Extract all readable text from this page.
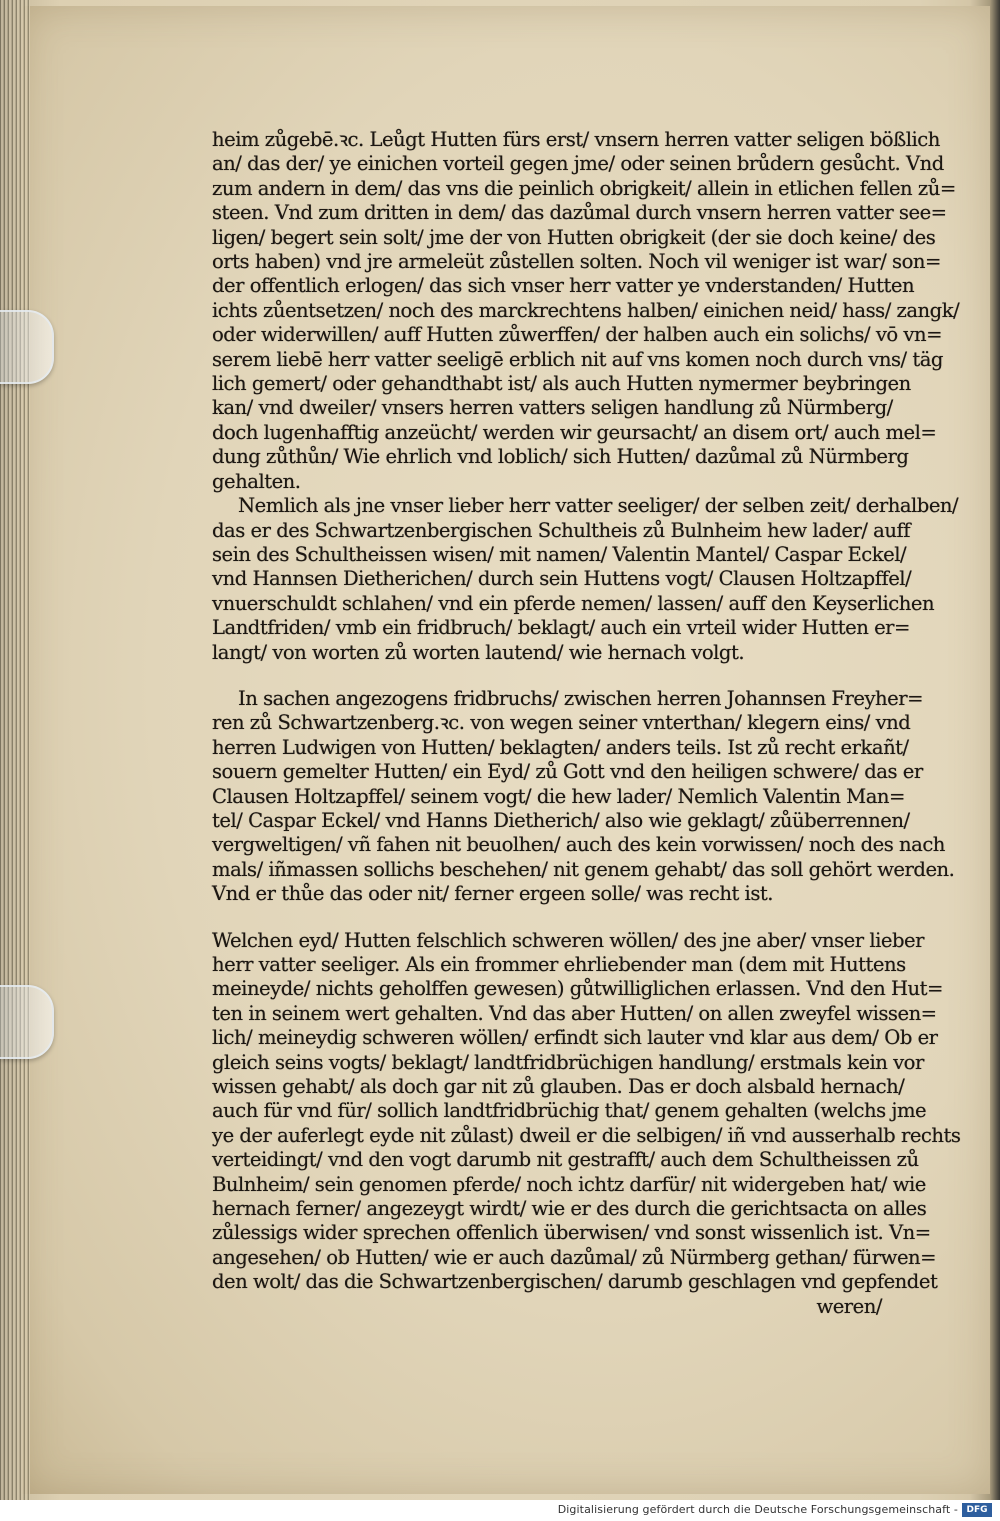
heim zůgebē.ꝛc. Leůgt Hutten fürs erst/ vnsern herren vatter seligen bößlich
an/ das der/ ye einichen vorteil gegen jme/ oder seinen brůdern gesůcht. Vnd
zum andern in dem/ das vns die peinlich obrigkeit/ allein in etlichen fellen zů=
steen. Vnd zum dritten in dem/ das dazůmal durch vnsern herren vatter see=
ligen/ begert sein solt/ jme der von Hutten obrigkeit (der sie doch keine/ des
orts haben) vnd jre armeleüt zůstellen solten. Noch vil weniger ist war/ son=
der offentlich erlogen/ das sich vnser herr vatter ye vnderstanden/ Hutten
ichts zůentsetzen/ noch des marckrechtens halben/ einichen neid/ hass/ zangk/
oder widerwillen/ auff Hutten zůwerffen/ der halben auch ein solichs/ vō vn=
serem liebē herr vatter seeligē erblich nit auf vns komen noch durch vns/ täg
lich gemert/ oder gehandthabt ist/ als auch Hutten nymermer beybringen
kan/ vnd dweiler/ vnsers herren vatters seligen handlung zů Nürmberg/
doch lugenhafftig anzeücht/ werden wir geursacht/ an disem ort/ auch mel=
dung zůthůn/ Wie ehrlich vnd loblich/ sich Hutten/ dazůmal zů Nürmberg
gehalten.
Nemlich als jne vnser lieber herr vatter seeliger/ der selben zeit/ derhalben/
das er des Schwartzenbergischen Schultheis zů Bulnheim hew lader/ auff
sein des Schultheissen wisen/ mit namen/ Valentin Mantel/ Caspar Eckel/
vnd Hannsen Dietherichen/ durch sein Huttens vogt/ Clausen Holtzapffel/
vnuerschuldt schlahen/ vnd ein pferde nemen/ lassen/ auff den Keyserlichen
Landtfriden/ vmb ein fridbruch/ beklagt/ auch ein vrteil wider Hutten er=
langt/ von worten zů worten lautend/ wie hernach volgt.
In sachen angezogens fridbruchs/ zwischen herren Johannsen Freyher=
ren zů Schwartzenberg.ꝛc. von wegen seiner vnterthan/ klegern eins/ vnd
herren Ludwigen von Hutten/ beklagten/ anders teils. Ist zů recht erkañt/
souern gemelter Hutten/ ein Eyd/ zů Gott vnd den heiligen schwere/ das er
Clausen Holtzapffel/ seinem vogt/ die hew lader/ Nemlich Valentin Man=
tel/ Caspar Eckel/ vnd Hanns Dietherich/ also wie geklagt/ zůüberrennen/
vergweltigen/ vñ fahen nit beuolhen/ auch des kein vorwissen/ noch des nach
mals/ iñmassen sollichs beschehen/ nit genem gehabt/ das soll gehört werden.
Vnd er thůe das oder nit/ ferner ergeen solle/ was recht ist.
Welchen eyd/ Hutten felschlich schweren wöllen/ des jne aber/ vnser lieber
herr vatter seeliger. Als ein frommer ehrliebender man (dem mit Huttens
meineyde/ nichts geholffen gewesen) gůtwilliglichen erlassen. Vnd den Hut=
ten in seinem wert gehalten. Vnd das aber Hutten/ on allen zweyfel wissen=
lich/ meineydig schweren wöllen/ erfindt sich lauter vnd klar aus dem/ Ob er
gleich seins vogts/ beklagt/ landtfridbrüchigen handlung/ erstmals kein vor
wissen gehabt/ als doch gar nit zů glauben. Das er doch alsbald hernach/
auch für vnd für/ sollich landtfridbrüchig that/ genem gehalten (welchs jme
ye der auferlegt eyde nit zůlast) dweil er die selbigen/ iñ vnd ausserhalb rechts
verteidingt/ vnd den vogt darumb nit gestrafft/ auch dem Schultheissen zů
Bulnheim/ sein genomen pferde/ noch ichtz darfür/ nit widergeben hat/ wie
hernach ferner/ angezeygt wirdt/ wie er des durch die gerichtsacta on alles
zůlessigs wider sprechen offenlich überwisen/ vnd sonst wissenlich ist. Vn=
angesehen/ ob Hutten/ wie er auch dazůmal/ zů Nürmberg gethan/ fürwen=
den wolt/ das die Schwartzenbergischen/ darumb geschlagen vnd gepfendet
weren/
Digitalisierung gefördert durch die Deutsche Forschungsgemeinschaft - DFG
